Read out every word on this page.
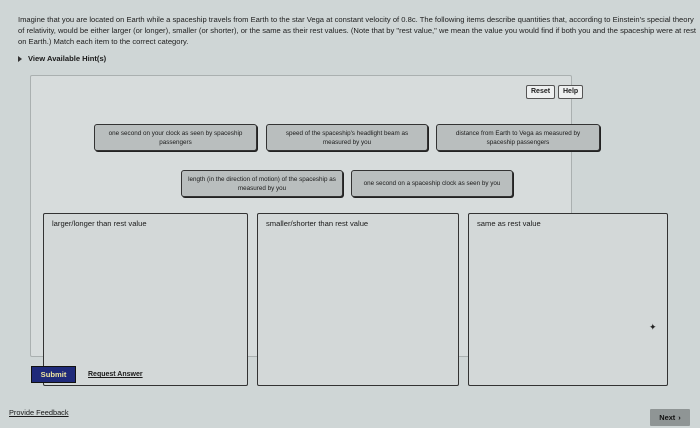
Imagine that you are located on Earth while a spaceship travels from Earth to the star Vega at constant velocity of 0.8c. The following items describe quantities that, according to Einstein's special theory of relativity, would be either larger (or longer), smaller (or shorter), or the same as their rest values. (Note that by "rest value," we mean the value you would find if both you and the spaceship were at rest on Earth.) Match each item to the correct category.
View Available Hint(s)
Reset	Help
one second on your clock as seen by spaceship passengers
speed of the spaceship's headlight beam as measured by you
distance from Earth to Vega as measured by spaceship passengers
length (in the direction of motion) of the spaceship as measured by you
one second on a spaceship clock as seen by you
larger/longer than rest value	smaller/shorter than rest value	same as rest value
Submit	Request Answer
Provide Feedback
Next ›
✦
